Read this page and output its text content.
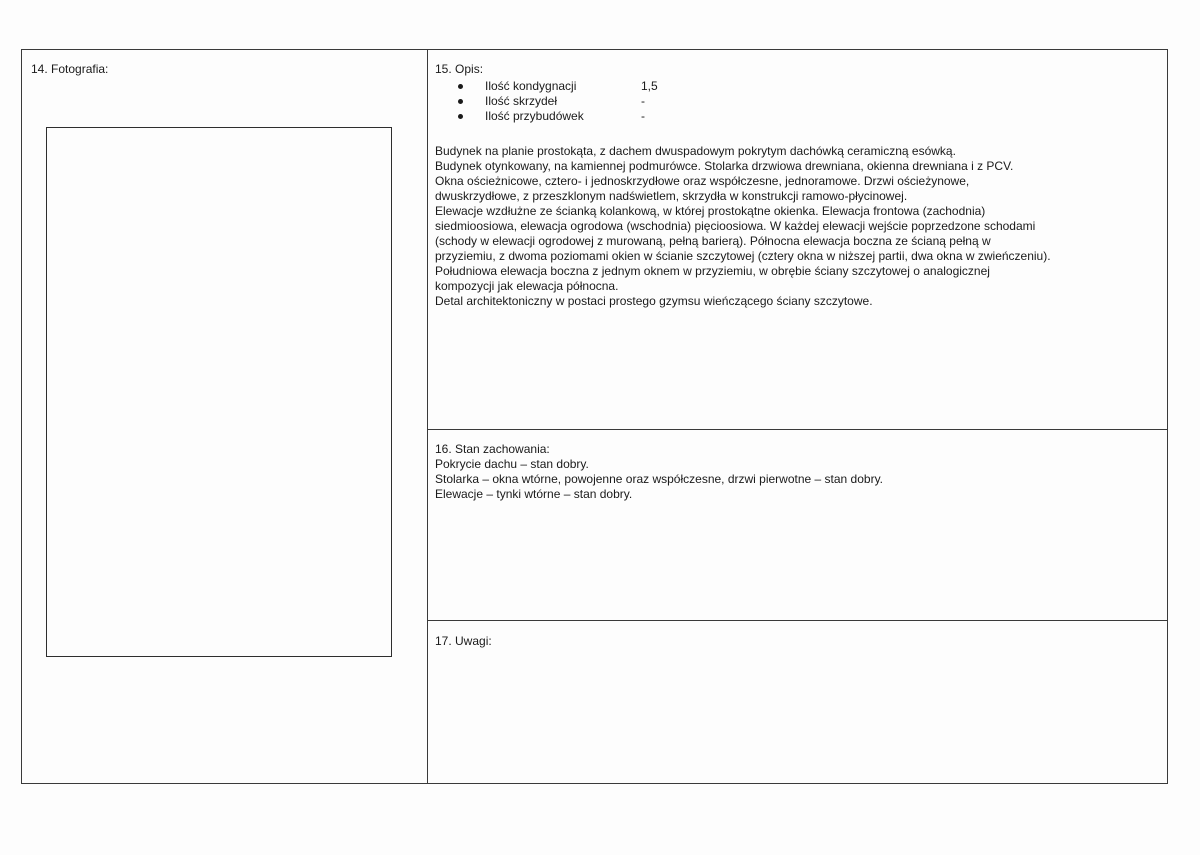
14. Fotografia:	15. Opis:
Ilość kondygnacji	1,5
Ilość skrzydeł	-
Ilość przybudówek	-
Budynek na planie prostokąta, z dachem dwuspadowym pokrytym dachówką ceramiczną esówką.
Budynek otynkowany, na kamiennej podmurówce. Stolarka drzwiowa drewniana, okienna drewniana i z PCV.
Okna ościeżnicowe, cztero- i jednoskrzydłowe oraz współczesne, jednoramowe. Drzwi ościeżynowe,
dwuskrzydłowe, z przeszklonym nadświetlem, skrzydła w konstrukcji ramowo-płycinowej.
Elewacje wzdłużne ze ścianką kolankową, w której prostokątne okienka. Elewacja frontowa (zachodnia)
siedmioosiowa, elewacja ogrodowa (wschodnia) pięcioosiowa. W każdej elewacji wejście poprzedzone schodami
(schody w elewacji ogrodowej z murowaną, pełną barierą). Północna elewacja boczna ze ścianą pełną w
przyziemiu, z dwoma poziomami okien w ścianie szczytowej (cztery okna w niższej partii, dwa okna w zwieńczeniu).
Południowa elewacja boczna z jednym oknem w przyziemiu, w obrębie ściany szczytowej o analogicznej
kompozycji jak elewacja północna.
Detal architektoniczny w postaci prostego gzymsu wieńczącego ściany szczytowe.
16. Stan zachowania:
Pokrycie dachu – stan dobry.
Stolarka – okna wtórne, powojenne oraz współczesne, drzwi pierwotne – stan dobry.
Elewacje – tynki wtórne – stan dobry.
17. Uwagi:
